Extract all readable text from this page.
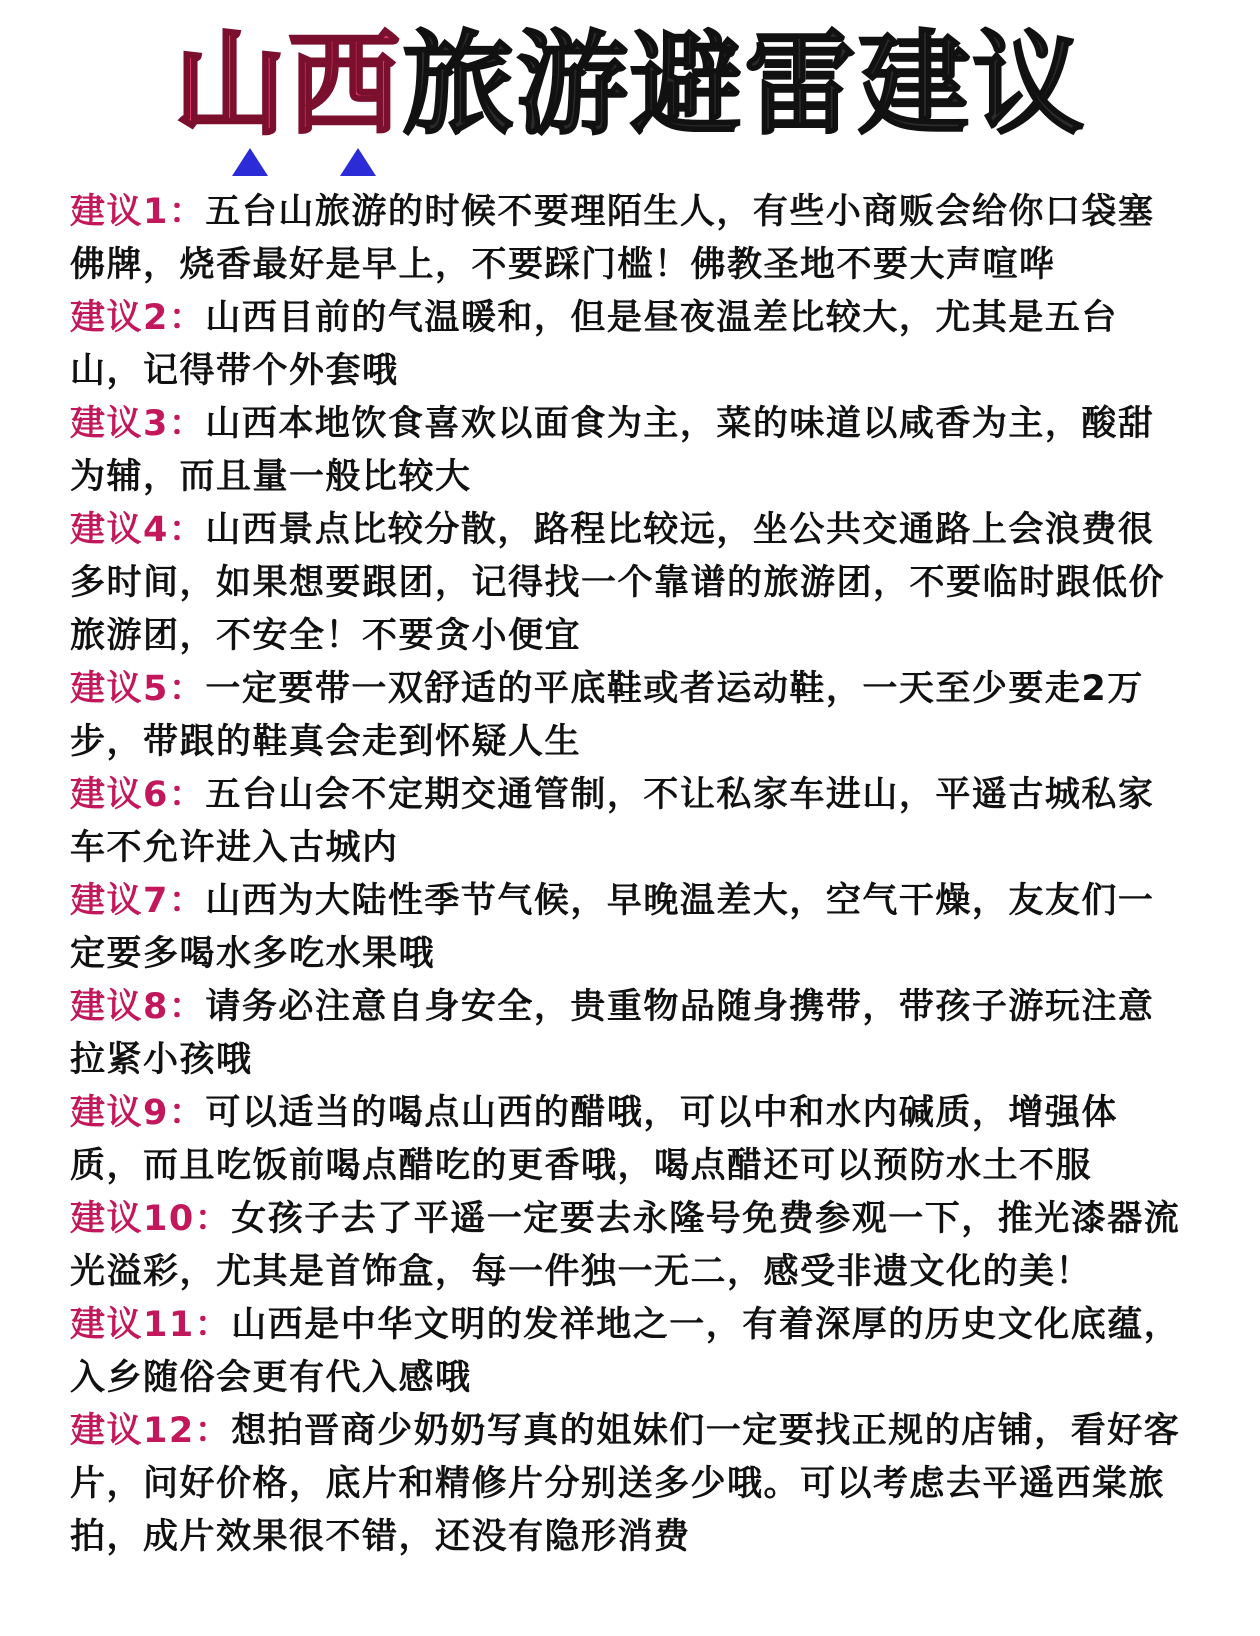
山西旅游避雷建议
建议1：五台山旅游的时候不要理陌生人，有些小商贩会给你口袋塞佛牌，烧香最好是早上，不要踩门槛！佛教圣地不要大声喧哗
建议2：山西目前的气温暖和，但是昼夜温差比较大，尤其是五台山，记得带个外套哦
建议3：山西本地饮食喜欢以面食为主，菜的味道以咸香为主，酸甜为辅，而且量一般比较大
建议4：山西景点比较分散，路程比较远，坐公共交通路上会浪费很多时间，如果想要跟团，记得找一个靠谱的旅游团，不要临时跟低价旅游团，不安全！不要贪小便宜
建议5：一定要带一双舒适的平底鞋或者运动鞋，一天至少要走2万步，带跟的鞋真会走到怀疑人生
建议6：五台山会不定期交通管制，不让私家车进山，平遥古城私家车不允许进入古城内
建议7：山西为大陆性季节气候，早晚温差大，空气干燥，友友们一定要多喝水多吃水果哦
建议8：请务必注意自身安全，贵重物品随身携带，带孩子游玩注意拉紧小孩哦
建议9：可以适当的喝点山西的醋哦，可以中和水内碱质，增强体质，而且吃饭前喝点醋吃的更香哦，喝点醋还可以预防水土不服
建议10：女孩子去了平遥一定要去永隆号免费参观一下，推光漆器流光溢彩，尤其是首饰盒，每一件独一无二，感受非遗文化的美！
建议11：山西是中华文明的发祥地之一，有着深厚的历史文化底蕴，入乡随俗会更有代入感哦
建议12：想拍晋商少奶奶写真的姐妹们一定要找正规的店铺，看好客片，问好价格，底片和精修片分别送多少哦。可以考虑去平遥西棠旅拍，成片效果很不错，还没有隐形消费
